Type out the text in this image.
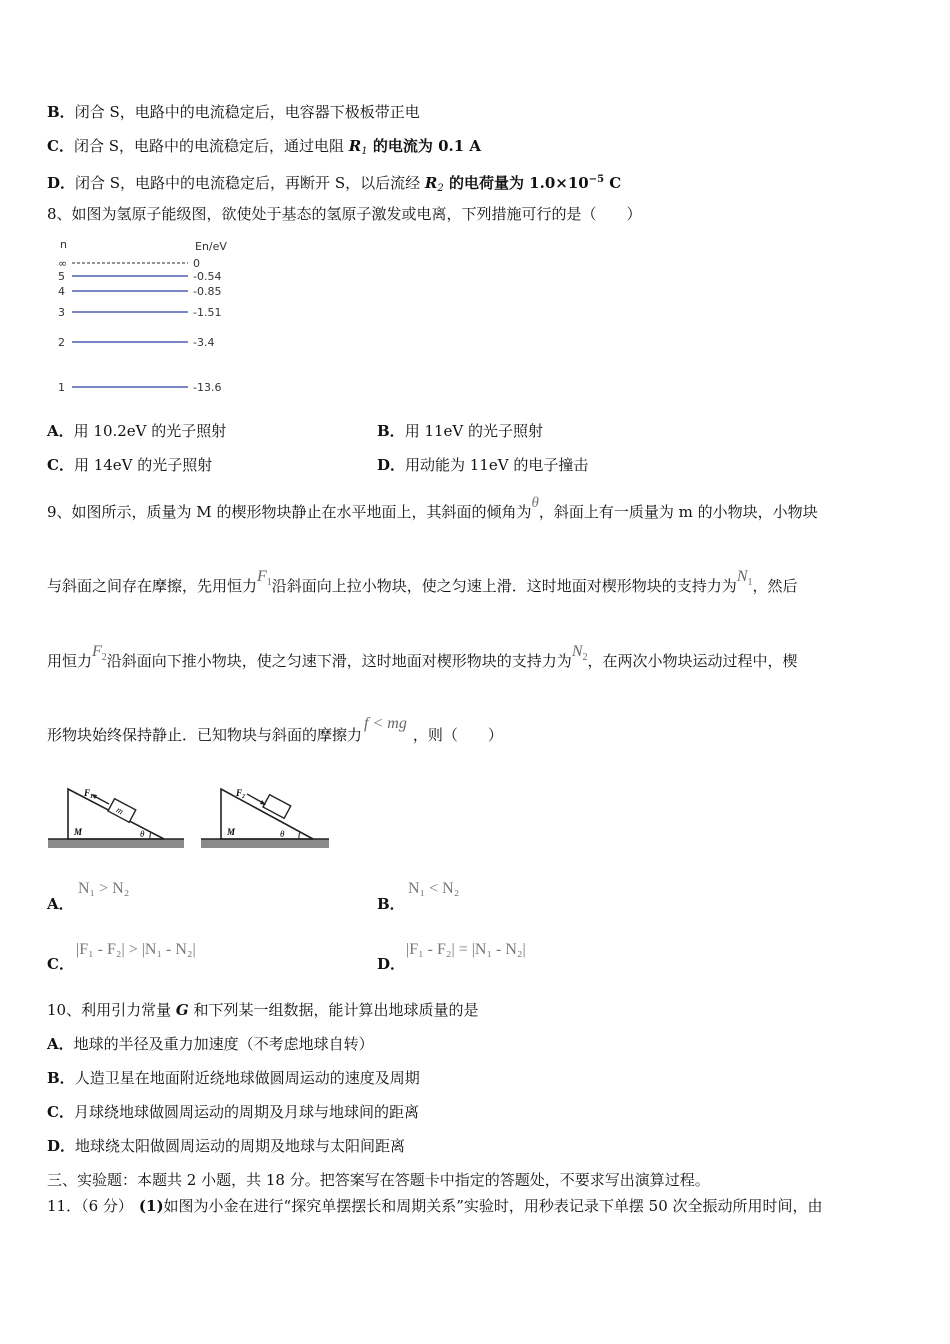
B．闭合 S，电路中的电流稳定后，电容器下极板带正电
C．闭合 S，电路中的电流稳定后，通过电阻 $R_1$ 的电流为 0.1 A
D．闭合 S，电路中的电流稳定后，再断开 S，以后流经 $R_2$ 的电荷量为 $1.0\times 10^{-5}$ C
8、如图为氢原子能级图，欲使处于基态的氢原子激发或电离，下列措施可行的是（　　）
n	En/eV
∞	0
5	-0.54
4	-0.85
3	-1.51
2	-3.4
1	-13.6
A．用 10.2eV 的光子照射	B．用 11eV 的光子照射
C．用 14eV 的光子照射	D．用动能为 11eV 的电子撞击
9、如图所示，质量为 M 的楔形物块静止在水平地面上，其斜面的倾角为θ，斜面上有一质量为 m 的小物块，小物块
与斜面之间存在摩擦，先用恒力$F_1$沿斜面向上拉小物块，使之匀速上滑．这时地面对楔形物块的支持力为$N_1$，然后
用恒力$F_2$沿斜面向下推小物块，使之匀速下滑，这时地面对楔形物块的支持力为$N_2$，在两次小物块运动过程中，楔
形物块始终保持静止．已知物块与斜面的摩擦力f < mg，则（　　）
m
F₁
M	θ
F₂
M	θ
A．
N₁ > N₂
B．
N₁ < N₂
C．
|F₁ - F₂| > |N₁ - N₂|
D．
|F₁ - F₂| = |N₁ - N₂|
10、利用引力常量 G 和下列某一组数据，能计算出地球质量的是
A．地球的半径及重力加速度（不考虑地球自转）
B．人造卫星在地面附近绕地球做圆周运动的速度及周期
C．月球绕地球做圆周运动的周期及月球与地球间的距离
D．地球绕太阳做圆周运动的周期及地球与太阳间距离
三、实验题：本题共 2 小题，共 18 分。把答案写在答题卡中指定的答题处，不要求写出演算过程。
11．（6 分） (1)如图为小金在进行“探究单摆摆长和周期关系”实验时，用秒表记录下单摆 50 次全振动所用时间，由
